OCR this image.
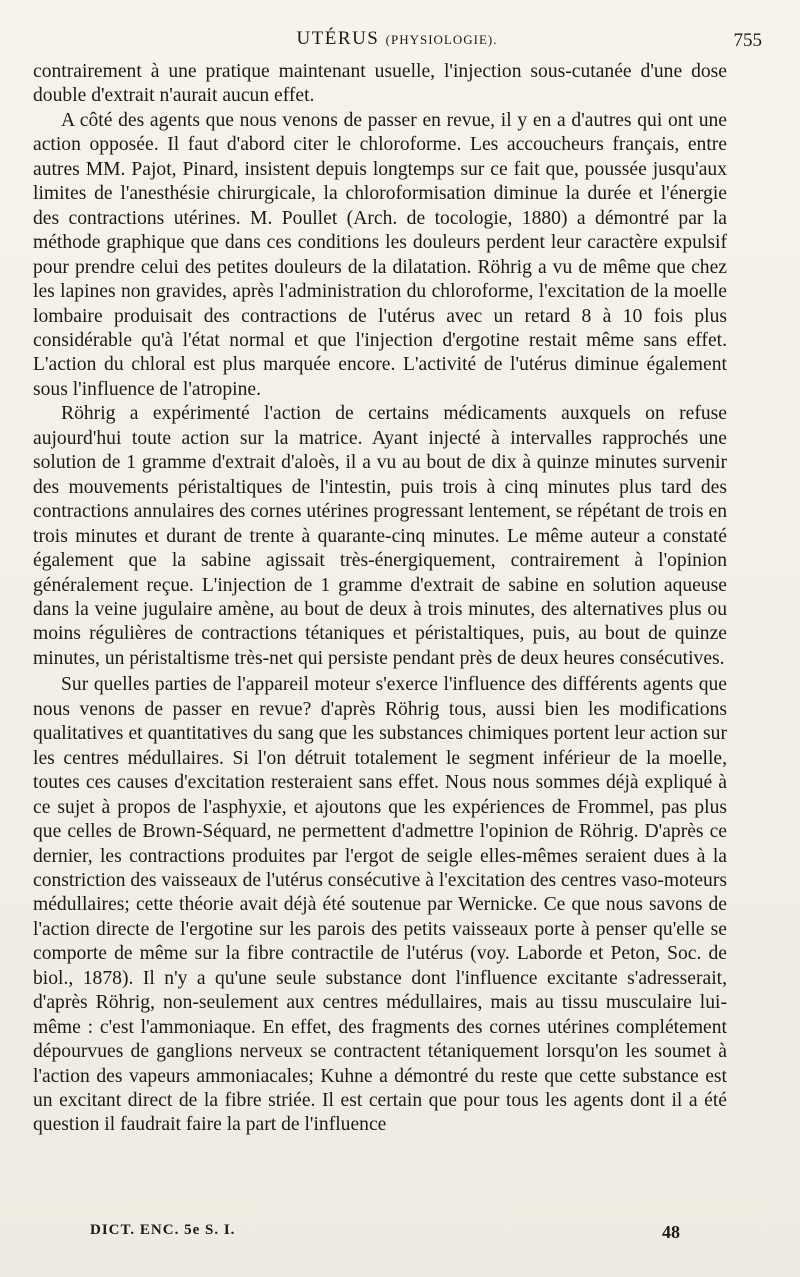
UTÉRUS (PHYSIOLOGIE).	755

contrairement à une pratique maintenant usuelle, l'injection sous-cutanée d'une dose double d'extrait n'aurait aucun effet.

A côté des agents que nous venons de passer en revue, il y en a d'autres qui ont une action opposée. Il faut d'abord citer le chloroforme. Les accoucheurs français, entre autres MM. Pajot, Pinard, insistent depuis longtemps sur ce fait que, poussée jusqu'aux limites de l'anesthésie chirurgicale, la chloroformisation diminue la durée et l'énergie des contractions utérines. M. Poullet (Arch. de tocologie, 1880) a démontré par la méthode graphique que dans ces conditions les douleurs perdent leur caractère expulsif pour prendre celui des petites douleurs de la dilatation. Röhrig a vu de même que chez les lapines non gravides, après l'administration du chloroforme, l'excitation de la moelle lombaire produisait des contractions de l'utérus avec un retard 8 à 10 fois plus considérable qu'à l'état normal et que l'injection d'ergotine restait même sans effet. L'action du chloral est plus marquée encore. L'activité de l'utérus diminue également sous l'influence de l'atropine.

Röhrig a expérimenté l'action de certains médicaments auxquels on refuse aujourd'hui toute action sur la matrice. Ayant injecté à intervalles rapprochés une solution de 1 gramme d'extrait d'aloès, il a vu au bout de dix à quinze minutes survenir des mouvements péristaltiques de l'intestin, puis trois à cinq minutes plus tard des contractions annulaires des cornes utérines progressant lentement, se répétant de trois en trois minutes et durant de trente à quarante-cinq minutes. Le même auteur a constaté également que la sabine agissait très-énergiquement, contrairement à l'opinion généralement reçue. L'injection de 1 gramme d'extrait de sabine en solution aqueuse dans la veine jugulaire amène, au bout de deux à trois minutes, des alternatives plus ou moins régulières de contractions tétaniques et péristaltiques, puis, au bout de quinze minutes, un péristaltisme très-net qui persiste pendant près de deux heures consécutives.

Sur quelles parties de l'appareil moteur s'exerce l'influence des différents agents que nous venons de passer en revue? d'après Röhrig tous, aussi bien les modifications qualitatives et quantitatives du sang que les substances chimiques portent leur action sur les centres médullaires. Si l'on détruit totalement le segment inférieur de la moelle, toutes ces causes d'excitation resteraient sans effet. Nous nous sommes déjà expliqué à ce sujet à propos de l'asphyxie, et ajoutons que les expériences de Frommel, pas plus que celles de Brown-Séquard, ne permettent d'admettre l'opinion de Röhrig. D'après ce dernier, les contractions produites par l'ergot de seigle elles-mêmes seraient dues à la constriction des vaisseaux de l'utérus consécutive à l'excitation des centres vaso-moteurs médullaires; cette théorie avait déjà été soutenue par Wernicke. Ce que nous savons de l'action directe de l'ergotine sur les parois des petits vaisseaux porte à penser qu'elle se comporte de même sur la fibre contractile de l'utérus (voy. Laborde et Peton, Soc. de biol., 1878). Il n'y a qu'une seule substance dont l'influence excitante s'adresserait, d'après Röhrig, non-seulement aux centres médullaires, mais au tissu musculaire lui-même : c'est l'ammoniaque. En effet, des fragments des cornes utérines complétement dépourvues de ganglions nerveux se contractent tétaniquement lorsqu'on les soumet à l'action des vapeurs ammoniacales; Kuhne a démontré du reste que cette substance est un excitant direct de la fibre striée. Il est certain que pour tous les agents dont il a été question il faudrait faire la part de l'influence

DICT. ENC. 5e S. I.	48
